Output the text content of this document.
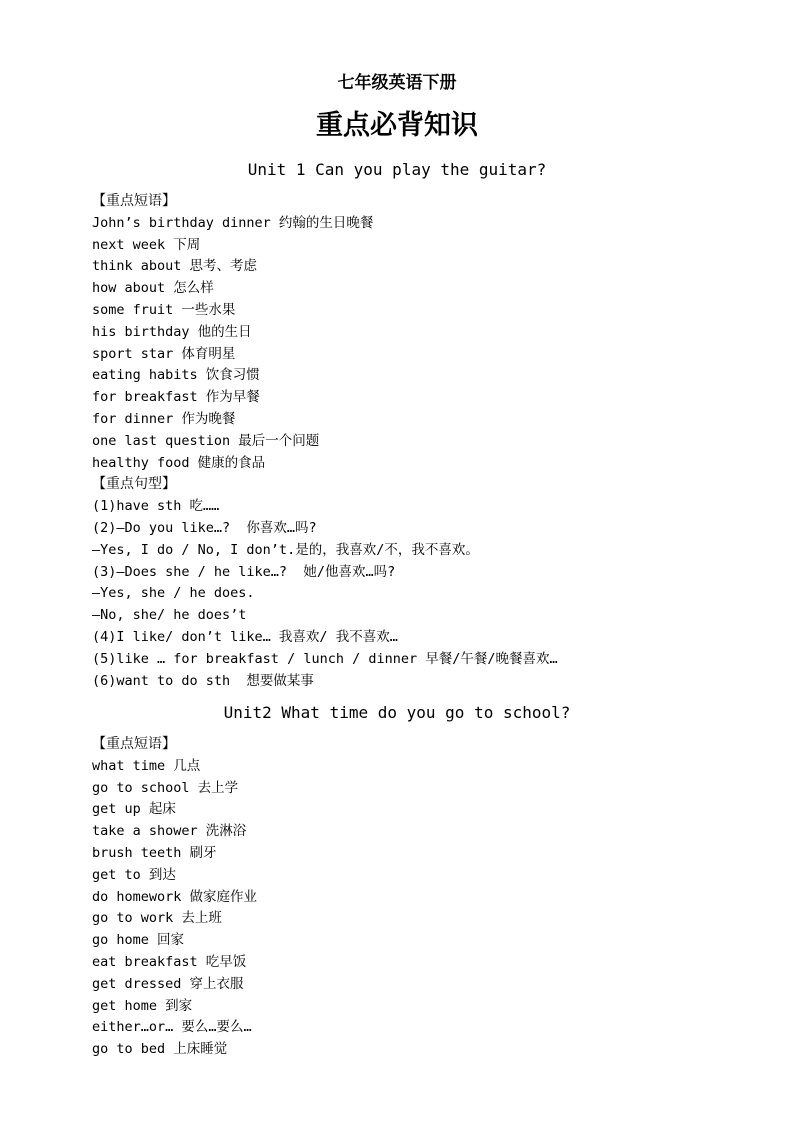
七年级英语下册
重点必背知识
Unit 1 Can you play the guitar?
【重点短语】
John’s birthday dinner 约翰的生日晚餐
next week 下周
think about 思考、考虑
how about 怎么样
some fruit 一些水果
his birthday 他的生日
sport star 体育明星
eating habits 饮食习惯
for breakfast 作为早餐
for dinner 作为晚餐
one last question 最后一个问题
healthy food 健康的食品
【重点句型】
(1)have sth 吃……
(2)—Do you like…?  你喜欢…吗?
—Yes, I do / No, I don’t.是的，我喜欢/不，我不喜欢。
(3)—Does she / he like…?  她/他喜欢…吗?
—Yes, she / he does.
—No, she/ he does’t
(4)I like/ don’t like… 我喜欢/ 我不喜欢…
(5)like … for breakfast / lunch / dinner 早餐/午餐/晚餐喜欢…
(6)want to do sth  想要做某事
Unit2 What time do you go to school?
【重点短语】
what time 几点
go to school 去上学
get up 起床
take a shower 洗淋浴
brush teeth 刷牙
get to 到达
do homework 做家庭作业
go to work 去上班
go home 回家
eat breakfast 吃早饭
get dressed 穿上衣服
get home 到家
either…or… 要么…要么…
go to bed 上床睡觉
